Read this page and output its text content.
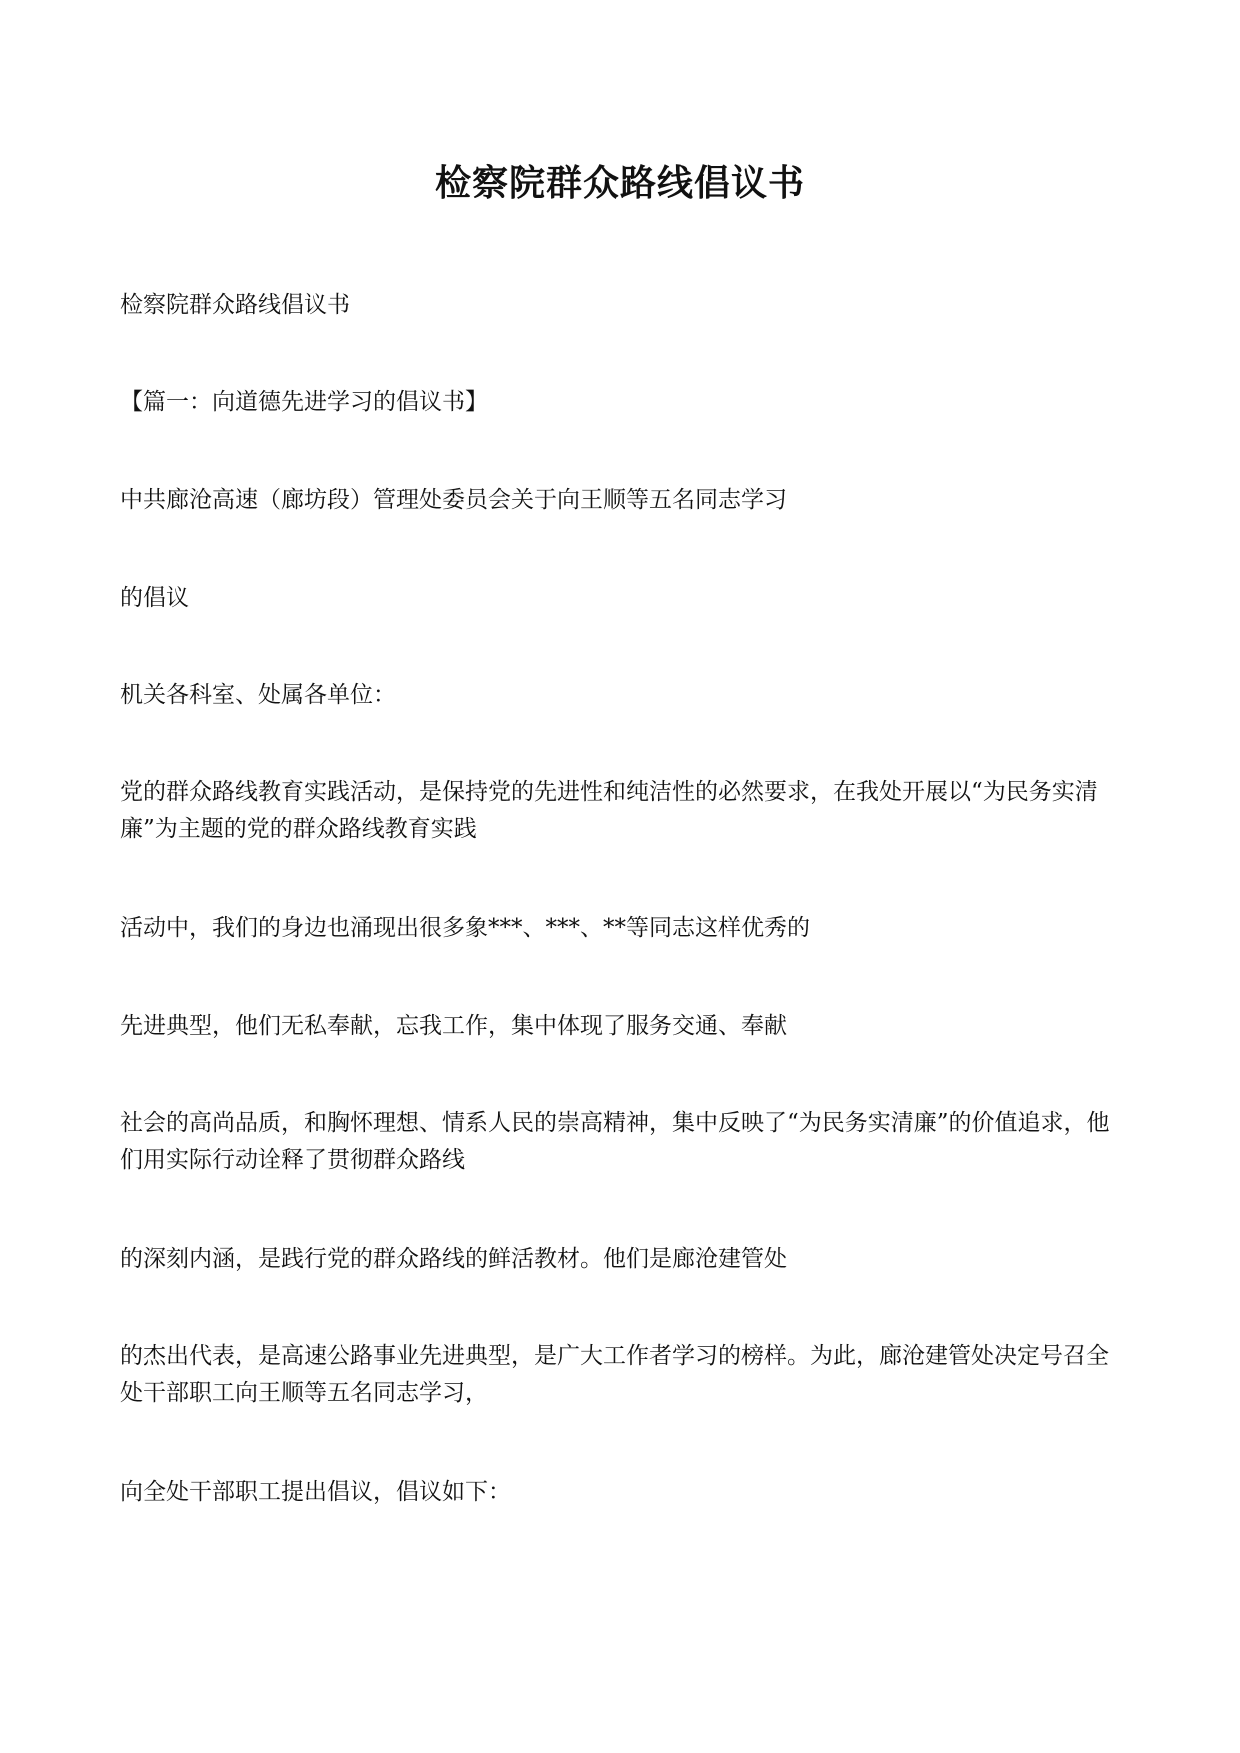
检察院群众路线倡议书
检察院群众路线倡议书
【篇一：向道德先进学习的倡议书】
中共廊沧高速（廊坊段）管理处委员会关于向王顺等五名同志学习
的倡议
机关各科室、处属各单位：
党的群众路线教育实践活动，是保持党的先进性和纯洁性的必然要求，在我处开展以“为民务实清廉”为主题的党的群众路线教育实践
活动中，我们的身边也涌现出很多象***、***、**等同志这样优秀的
先进典型，他们无私奉献，忘我工作，集中体现了服务交通、奉献
社会的高尚品质，和胸怀理想、情系人民的崇高精神，集中反映了“为民务实清廉”的价值追求，他们用实际行动诠释了贯彻群众路线
的深刻内涵，是践行党的群众路线的鲜活教材。他们是廊沧建管处
的杰出代表，是高速公路事业先进典型，是广大工作者学习的榜样。为此，廊沧建管处决定号召全处干部职工向王顺等五名同志学习，
向全处干部职工提出倡议，倡议如下：
